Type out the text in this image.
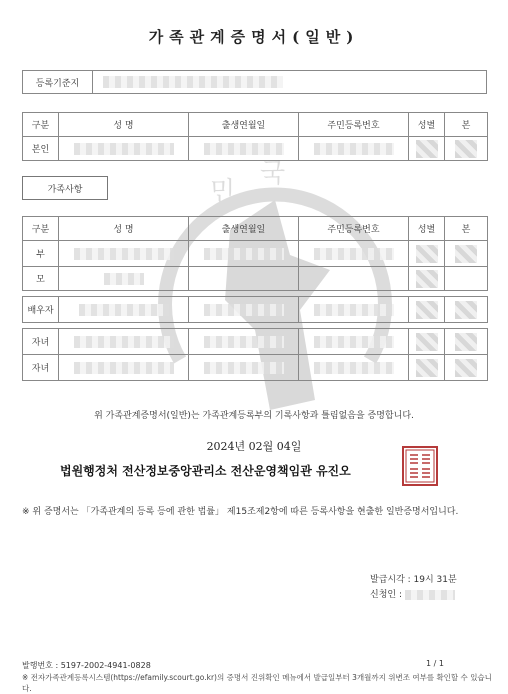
가족관계증명서(일반)
등록기준지	
구분	성 명	출생연월일	주민등록번호	성별	본
본인					
가족사항	민
국
구분	성 명	출생연월일	주민등록번호	성별	본
부					
모					

배우자					

자녀					
자녀					
위 가족관계증명서(일반)는 가족관계등록부의 기록사항과 틀림없음을 증명합니다.
2024년 02월 04일
법원행정처 전산정보중앙관리소 전산운영책임관 유진오
※ 위 증명서는 「가족관계의 등록 등에 관한 법률」 제15조제2항에 따른 등록사항을 현출한 일반증명서입니다.
발급시각 : 19시 31분
신청인 :
발행번호 : 5197-2002-4941-0828	1 / 1
※ 전자가족관계등록시스템(https://efamily.scourt.go.kr)의 증명서 진위확인 메뉴에서 발급일부터 3개월까지 위변조 여부를 확인할 수 있습니다.
